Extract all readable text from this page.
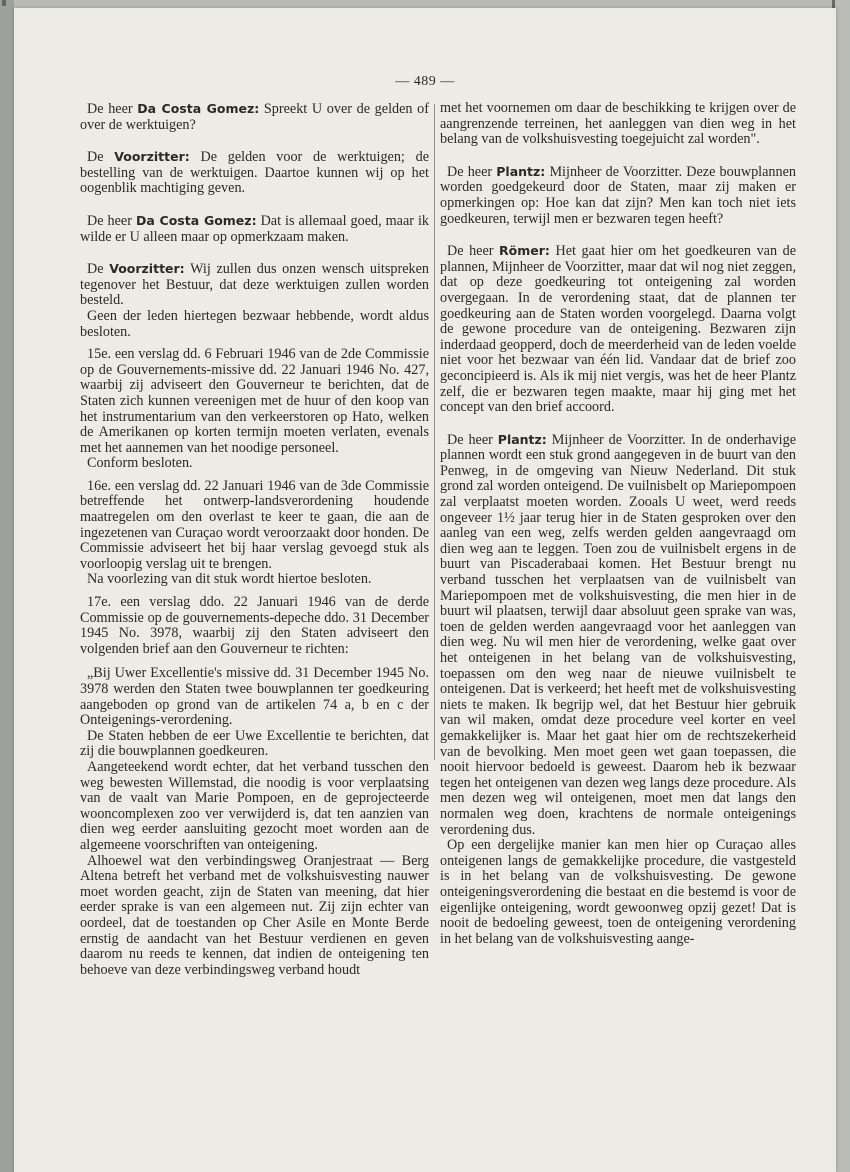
— 489 —

De heer Da Costa Gomez: Spreekt U over de gelden of over de werktuigen?

De Voorzitter: De gelden voor de werktuigen; de bestelling van de werktuigen. Daartoe kunnen wij op het oogenblik machtiging geven.

De heer Da Costa Gomez: Dat is allemaal goed, maar ik wilde er U alleen maar op opmerkzaam maken.

De Voorzitter: Wij zullen dus onzen wensch uitspreken tegenover het Bestuur, dat deze werktuigen zullen worden besteld.

Geen der leden hiertegen bezwaar hebbende, wordt aldus besloten.

15e. een verslag dd. 6 Februari 1946 van de 2de Commissie op de Gouvernements-missive dd. 22 Januari 1946 No. 427, waarbij zij adviseert den Gouverneur te berichten, dat de Staten zich kunnen vereenigen met de huur of den koop van het instrumentarium van den verkeerstoren op Hato, welken de Amerikanen op korten termijn moeten verlaten, evenals met het aannemen van het noodige personeel.

Conform besloten.

16e. een verslag dd. 22 Januari 1946 van de 3de Commissie betreffende het ontwerp-landsverordening houdende maatregelen om den overlast te keer te gaan, die aan de ingezetenen van Curaçao wordt veroorzaakt door honden. De Commissie adviseert het bij haar verslag gevoegd stuk als voorloopig verslag uit te brengen.

Na voorlezing van dit stuk wordt hiertoe besloten.

17e. een verslag ddo. 22 Januari 1946 van de derde Commissie op de gouvernements-depeche ddo. 31 December 1945 No. 3978, waarbij zij den Staten adviseert den volgenden brief aan den Gouverneur te richten:

„Bij Uwer Excellentie's missive dd. 31 December 1945 No. 3978 werden den Staten twee bouwplannen ter goedkeuring aangeboden op grond van de artikelen 74 a, b en c der Onteigenings-verordening.

De Staten hebben de eer Uwe Excellentie te berichten, dat zij die bouwplannen goedkeuren.

Aangeteekend wordt echter, dat het verband tusschen den weg bewesten Willemstad, die noodig is voor verplaatsing van de vaalt van Marie Pompoen, en de geprojecteerde wooncomplexen zoo ver verwijderd is, dat ten aanzien van dien weg eerder aansluiting gezocht moet worden aan de algemeene voorschriften van onteigening.

Alhoewel wat den verbindingsweg Oranjestraat — Berg Altena betreft het verband met de volkshuisvesting nauwer moet worden geacht, zijn de Staten van meening, dat hier eerder sprake is van een algemeen nut. Zij zijn echter van oordeel, dat de toestanden op Cher Asile en Monte Berde ernstig de aandacht van het Bestuur verdienen en geven daarom nu reeds te kennen, dat indien de onteigening ten behoeve van deze verbindingsweg verband houdt

met het voornemen om daar de beschikking te krijgen over de aangrenzende terreinen, het aanleggen van dien weg in het belang van de volkshuisvesting toegejuicht zal worden".

De heer Plantz: Mijnheer de Voorzitter. Deze bouwplannen worden goedgekeurd door de Staten, maar zij maken er opmerkingen op: Hoe kan dat zijn? Men kan toch niet iets goedkeuren, terwijl men er bezwaren tegen heeft?

De heer Römer: Het gaat hier om het goedkeuren van de plannen, Mijnheer de Voorzitter, maar dat wil nog niet zeggen, dat op deze goedkeuring tot onteigening zal worden overgegaan. In de verordening staat, dat de plannen ter goedkeuring aan de Staten worden voorgelegd. Daarna volgt de gewone procedure van de onteigening. Bezwaren zijn inderdaad geopperd, doch de meerderheid van de leden voelde niet voor het bezwaar van één lid. Vandaar dat de brief zoo geconcipieerd is. Als ik mij niet vergis, was het de heer Plantz zelf, die er bezwaren tegen maakte, maar hij ging met het concept van den brief accoord.

De heer Plantz: Mijnheer de Voorzitter. In de onderhavige plannen wordt een stuk grond aangegeven in de buurt van den Penweg, in de omgeving van Nieuw Nederland. Dit stuk grond zal worden onteigend. De vuilnisbelt op Mariepompoen zal verplaatst moeten worden. Zooals U weet, werd reeds ongeveer 1½ jaar terug hier in de Staten gesproken over den aanleg van een weg, zelfs werden gelden aangevraagd om dien weg aan te leggen. Toen zou de vuilnisbelt ergens in de buurt van Piscaderabaai komen. Het Bestuur brengt nu verband tusschen het verplaatsen van de vuilnisbelt van Mariepompoen met de volkshuisvesting, die men hier in de buurt wil plaatsen, terwijl daar absoluut geen sprake van was, toen de gelden werden aangevraagd voor het aanleggen van dien weg. Nu wil men hier de verordening, welke gaat over het onteigenen in het belang van de volkshuisvesting, toepassen om den weg naar de nieuwe vuilnisbelt te onteigenen. Dat is verkeerd; het heeft met de volkshuisvesting niets te maken. Ik begrijp wel, dat het Bestuur hier gebruik van wil maken, omdat deze procedure veel korter en veel gemakkelijker is. Maar het gaat hier om de rechtszekerheid van de bevolking. Men moet geen wet gaan toepassen, die nooit hiervoor bedoeld is geweest. Daarom heb ik bezwaar tegen het onteigenen van dezen weg langs deze procedure. Als men dezen weg wil onteigenen, moet men dat langs den normalen weg doen, krachtens de normale onteigenings verordening dus.

Op een dergelijke manier kan men hier op Curaçao alles onteigenen langs de gemakkelijke procedure, die vastgesteld is in het belang van de volkshuisvesting. De gewone onteigeningsverordening die bestaat en die bestemd is voor de eigenlijke onteigening, wordt gewoonweg opzij gezet! Dat is nooit de bedoeling geweest, toen de onteigening verordening in het belang van de volkshuisvesting aange-
